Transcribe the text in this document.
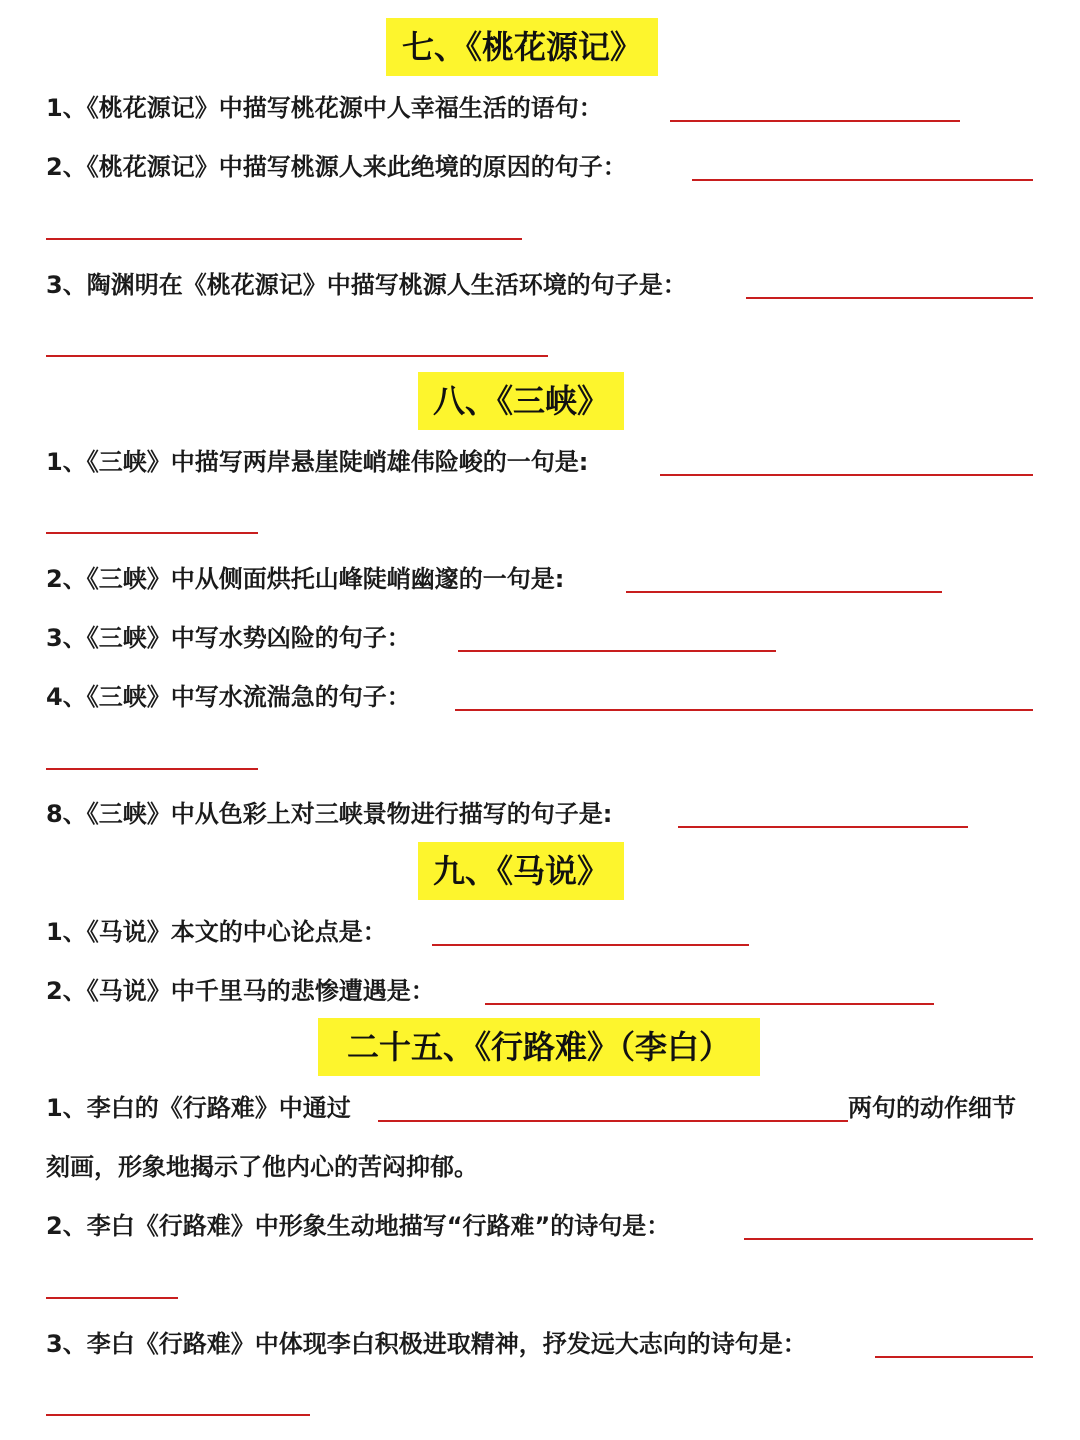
七、《桃花源记》
1、《桃花源记》中描写桃花源中人幸福生活的语句：
2、《桃花源记》中描写桃源人来此绝境的原因的句子：
3、陶渊明在《桃花源记》中描写桃源人生活环境的句子是：
八、《三峡》
1、《三峡》中描写两岸悬崖陡峭雄伟险峻的一句是:
2、《三峡》中从侧面烘托山峰陡峭幽邃的一句是:
3、《三峡》中写水势凶险的句子：
4、《三峡》中写水流湍急的句子：
8、《三峡》中从色彩上对三峡景物进行描写的句子是:
九、《马说》
1、《马说》本文的中心论点是：
2、《马说》中千里马的悲惨遭遇是：
二十五、《行路难》（李白）
1、李白的《行路难》中通过	两句的动作细节
刻画，形象地揭示了他内心的苦闷抑郁。
2、李白《行路难》中形象生动地描写“行路难”的诗句是：
3、李白《行路难》中体现李白积极进取精神，抒发远大志向的诗句是：
